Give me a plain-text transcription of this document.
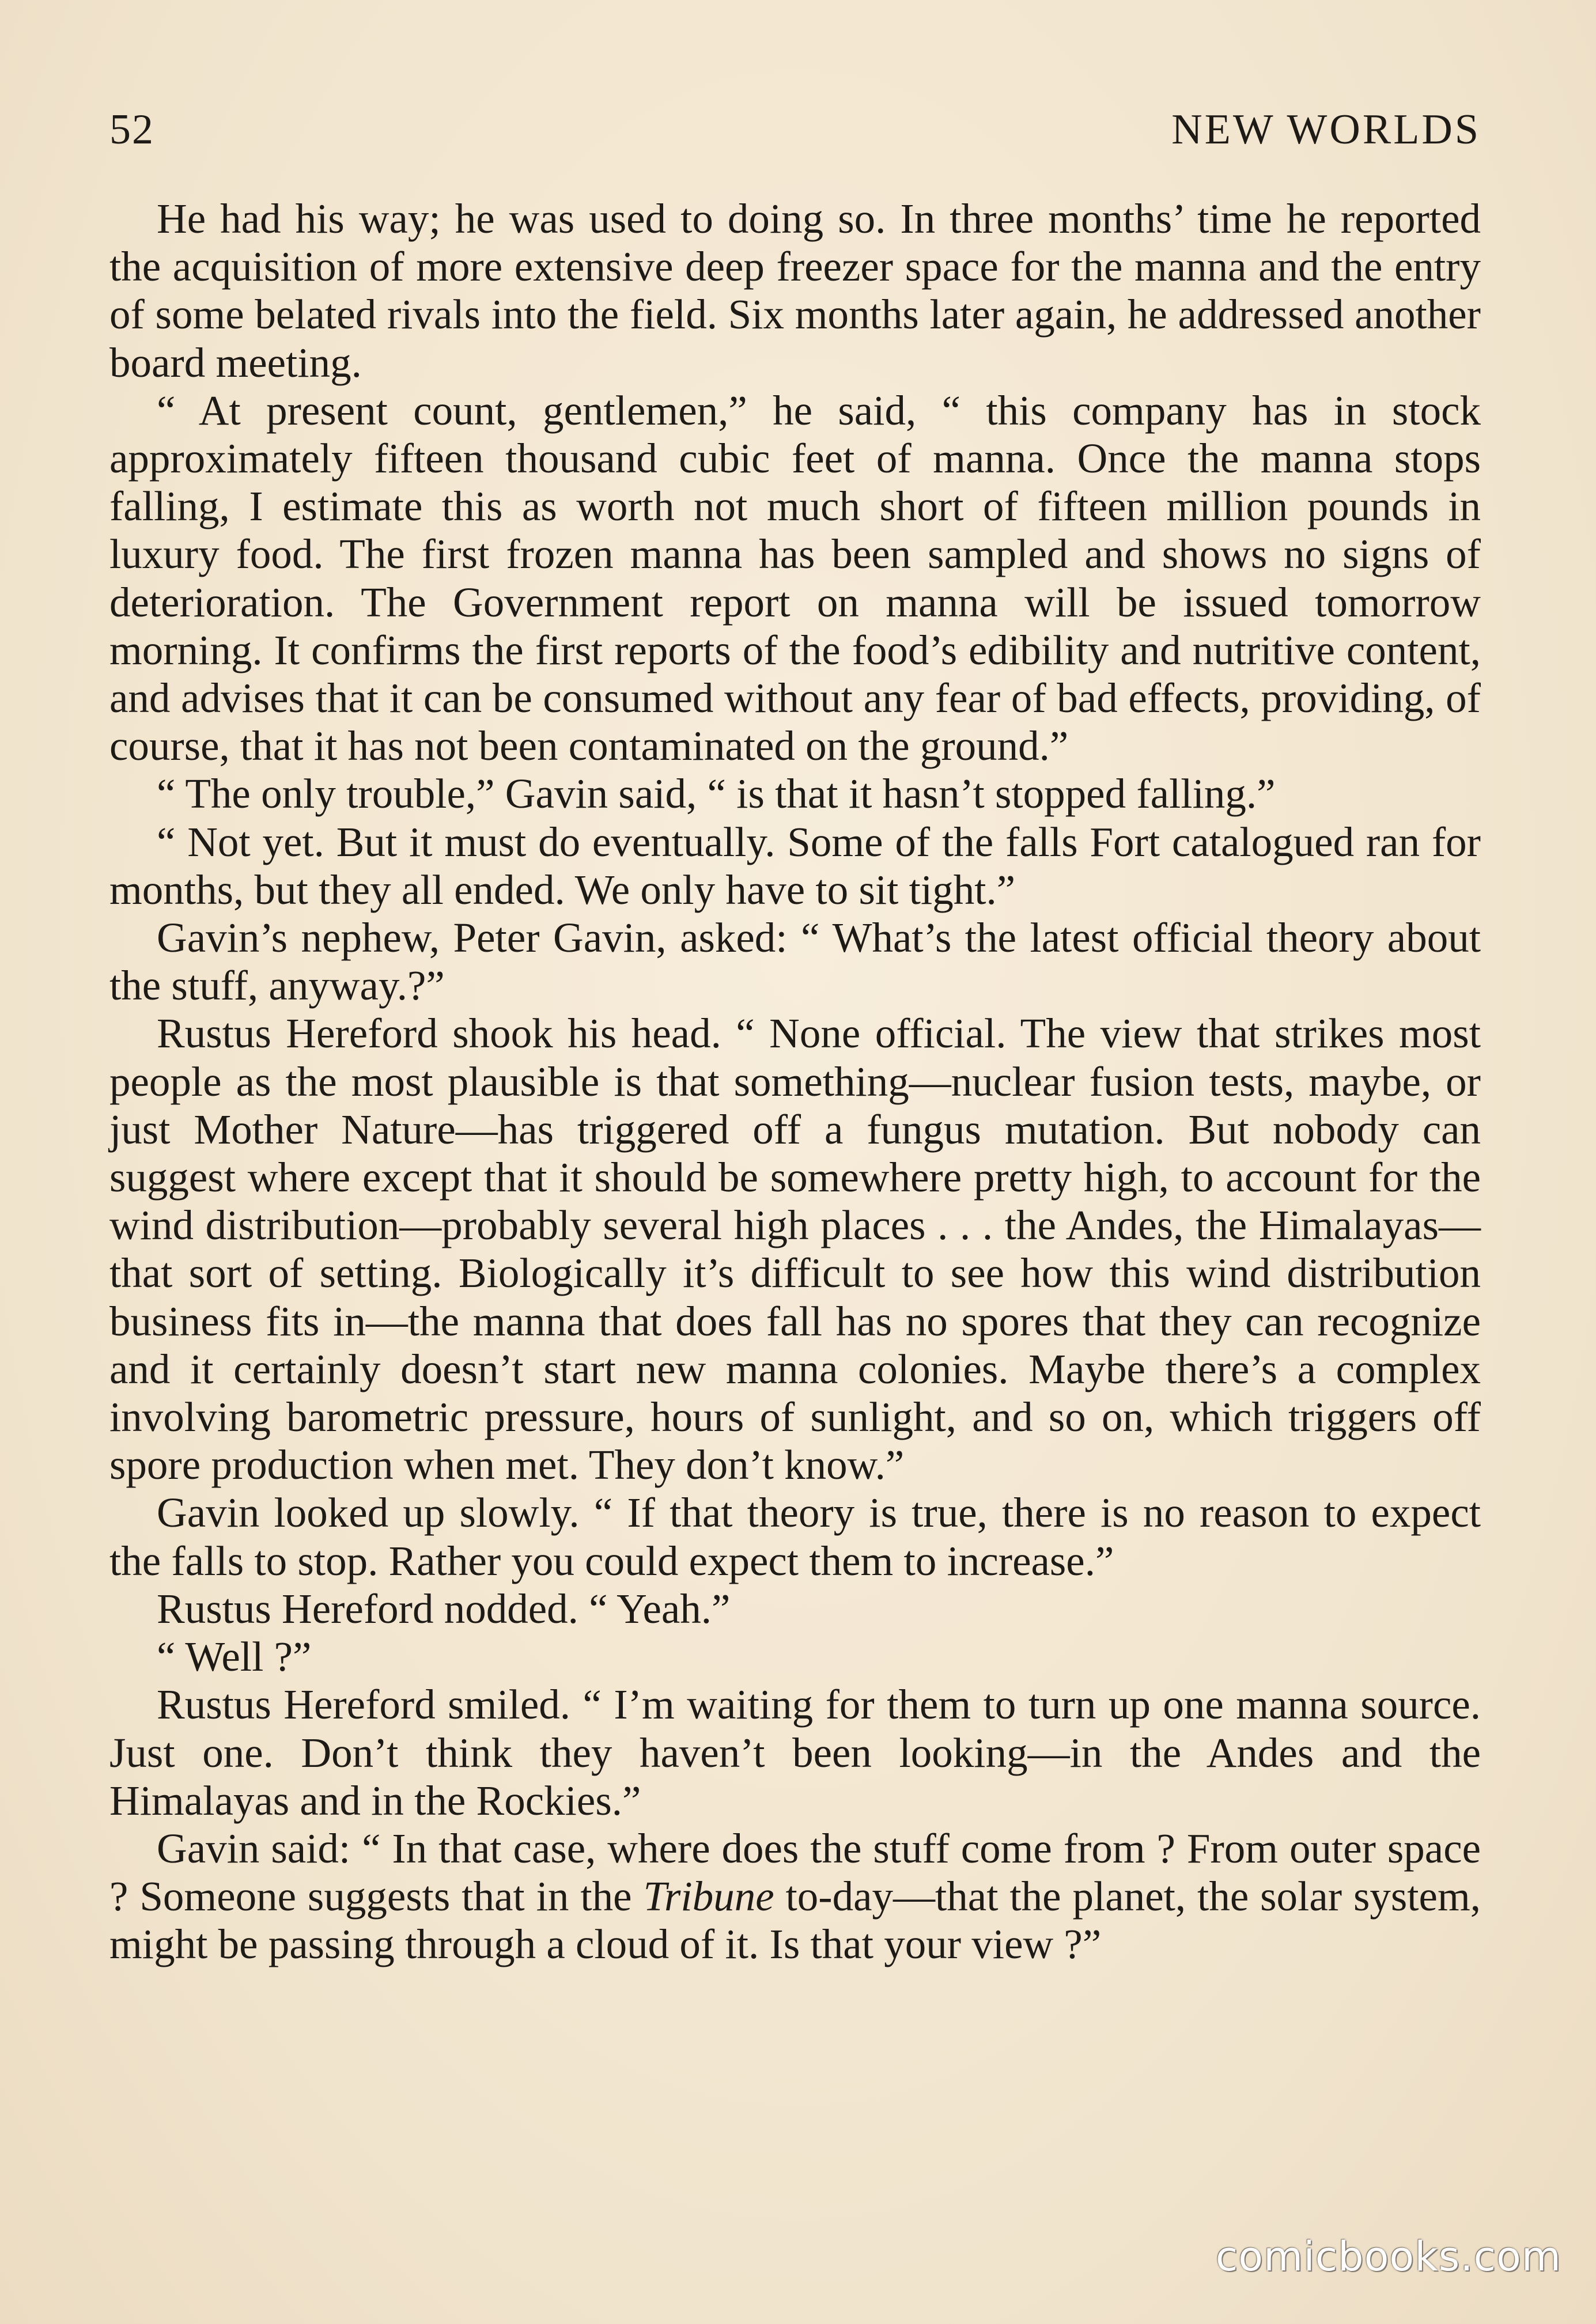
52	NEW WORLDS

He had his way; he was used to doing so. In three months’ time he reported the acquisition of more extensive deep freezer space for the manna and the entry of some belated rivals into the field. Six months later again, he addressed another board meeting.

“ At present count, gentlemen,” he said, “ this company has in stock approximately fifteen thousand cubic feet of manna. Once the manna stops falling, I estimate this as worth not much short of fifteen million pounds in luxury food. The first frozen manna has been sampled and shows no signs of deterioration. The Government report on manna will be issued tomorrow morning. It confirms the first reports of the food’s edibility and nutritive content, and advises that it can be consumed without any fear of bad effects, providing, of course, that it has not been contaminated on the ground.”

“ The only trouble,” Gavin said, “ is that it hasn’t stopped falling.”

“ Not yet. But it must do eventually. Some of the falls Fort catalogued ran for months, but they all ended. We only have to sit tight.”

Gavin’s nephew, Peter Gavin, asked: “ What’s the latest official theory about the stuff, anyway.?”

Rustus Hereford shook his head. “ None official. The view that strikes most people as the most plausible is that something—nuclear fusion tests, maybe, or just Mother Nature—has triggered off a fungus mutation. But nobody can suggest where except that it should be somewhere pretty high, to account for the wind distribution—probably several high places . . . the Andes, the Himalayas—that sort of setting. Biologically it’s difficult to see how this wind distribution business fits in—the manna that does fall has no spores that they can recognize and it certainly doesn’t start new manna colonies. Maybe there’s a complex involving barometric pressure, hours of sunlight, and so on, which triggers off spore production when met. They don’t know.”

Gavin looked up slowly. “ If that theory is true, there is no reason to expect the falls to stop. Rather you could expect them to increase.”

Rustus Hereford nodded. “ Yeah.”

“ Well ?”

Rustus Hereford smiled. “ I’m waiting for them to turn up one manna source. Just one. Don’t think they haven’t been looking—in the Andes and the Himalayas and in the Rockies.”

Gavin said: “ In that case, where does the stuff come from ? From outer space ? Someone suggests that in the Tribune to-day—that the planet, the solar system, might be passing through a cloud of it. Is that your view ?”

comicbooks.com
